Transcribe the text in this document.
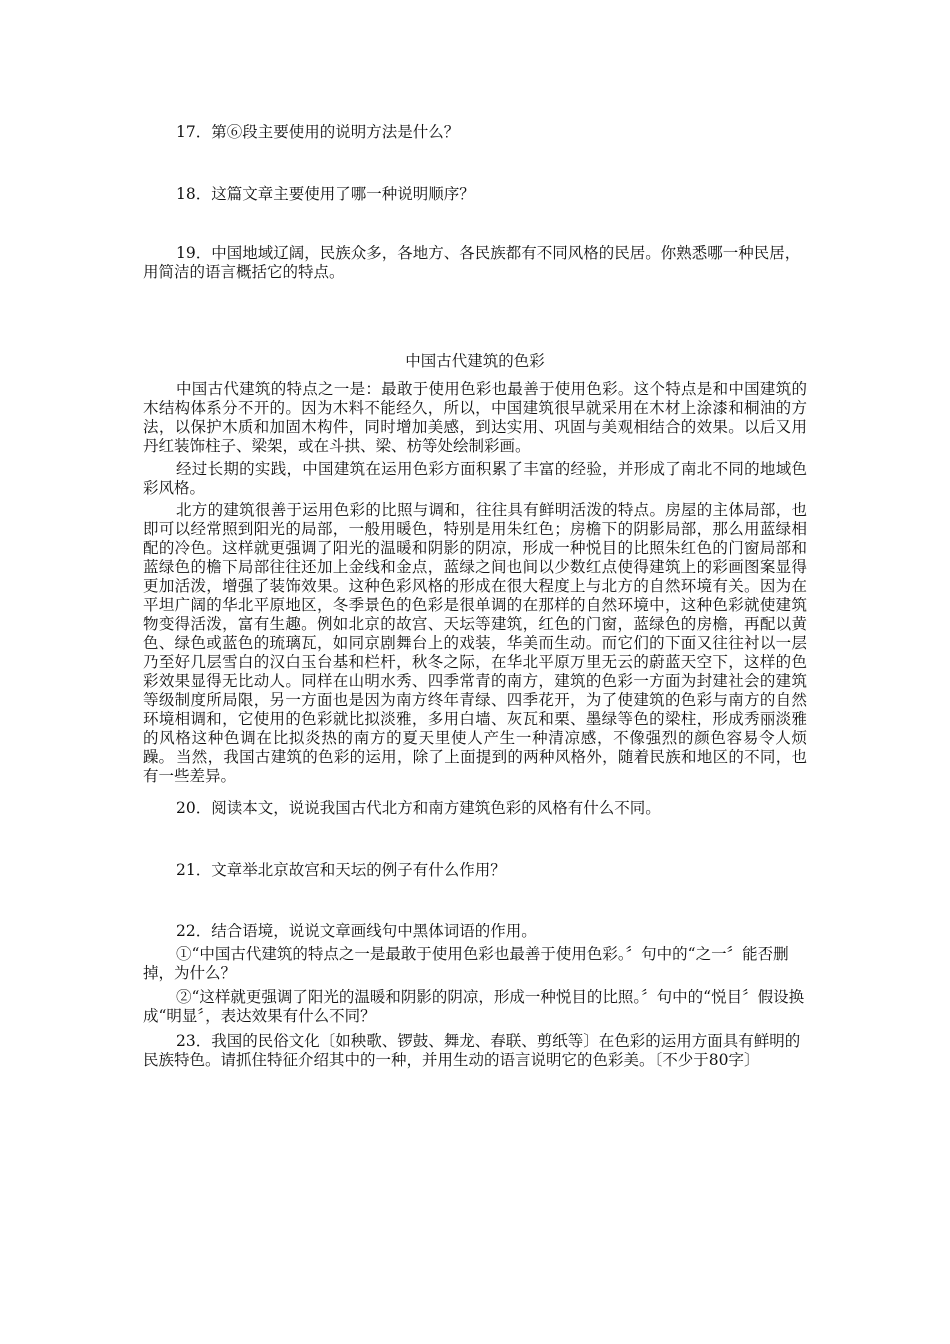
17．第⑥段主要使用的说明方法是什么？

18．这篇文章主要使用了哪一种说明顺序？

19．中国地域辽阔，民族众多，各地方、各民族都有不同风格的民居。你熟悉哪一种民居，用简洁的语言概括它的特点。

中国古代建筑的色彩

中国古代建筑的特点之一是：最敢于使用色彩也最善于使用色彩。这个特点是和中国建筑的木结构体系分不开的。因为木料不能经久，所以，中国建筑很早就采用在木材上涂漆和桐油的方法，以保护木质和加固木构件，同时增加美感，到达实用、巩固与美观相结合的效果。以后又用丹红装饰柱子、梁架，或在斗拱、梁、枋等处绘制彩画。

经过长期的实践，中国建筑在运用色彩方面积累了丰富的经验，并形成了南北不同的地域色彩风格。

北方的建筑很善于运用色彩的比照与调和，往往具有鲜明活泼的特点。房屋的主体局部，也即可以经常照到阳光的局部，一般用暖色，特别是用朱红色；房檐下的阴影局部，那么用蓝绿相配的冷色。这样就更强调了阳光的温暖和阴影的阴凉，形成一种悦目的比照朱红色的门窗局部和蓝绿色的檐下局部往往还加上金线和金点，蓝绿之间也间以少数红点使得建筑上的彩画图案显得更加活泼，增强了装饰效果。这种色彩风格的形成在很大程度上与北方的自然环境有关。因为在平坦广阔的华北平原地区，冬季景色的色彩是很单调的在那样的自然环境中，这种色彩就使建筑物变得活泼，富有生趣。例如北京的故宫、天坛等建筑，红色的门窗，蓝绿色的房檐，再配以黄色、绿色或蓝色的琉璃瓦，如同京剧舞台上的戏装，华美而生动。而它们的下面又往往衬以一层乃至好几层雪白的汉白玉台基和栏杆，秋冬之际，在华北平原万里无云的蔚蓝天空下，这样的色彩效果显得无比动人。同样在山明水秀、四季常青的南方，建筑的色彩一方面为封建社会的建筑等级制度所局限，另一方面也是因为南方终年青绿、四季花开，为了使建筑的色彩与南方的自然环境相调和，它使用的色彩就比拟淡雅，多用白墙、灰瓦和栗、墨绿等色的梁柱，形成秀丽淡雅的风格这种色调在比拟炎热的南方的夏天里使人产生一种清凉感，不像强烈的颜色容易令人烦躁。 当然，我国古建筑的色彩的运用，除了上面提到的两种风格外，随着民族和地区的不同，也有一些差异。

20．阅读本文，说说我国古代北方和南方建筑色彩的风格有什么不同。

21．文章举北京故宫和天坛的例子有什么作用？

22．结合语境，说说文章画线句中黑体词语的作用。

①“中国古代建筑的特点之一是最敢于使用色彩也最善于使用色彩。〞句中的“之一〞能否删掉，为什么？

②“这样就更强调了阳光的温暖和阴影的阴凉，形成一种悦目的比照。〞句中的“悦目〞假设换成“明显〞，表达效果有什么不同？

23．我国的民俗文化〔如秧歌、锣鼓、舞龙、春联、剪纸等〕在色彩的运用方面具有鲜明的民族特色。请抓住特征介绍其中的一种，并用生动的语言说明它的色彩美。〔不少于80字〕
